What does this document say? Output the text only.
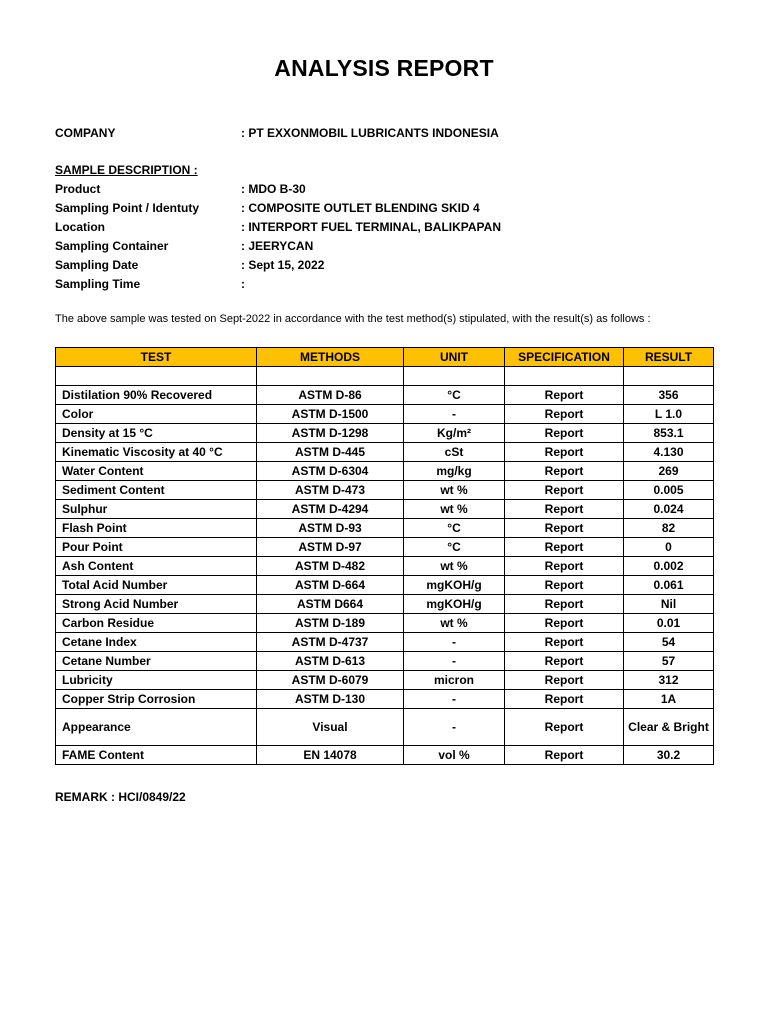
ANALYSIS REPORT
COMPANY	: PT EXXONMOBIL LUBRICANTS INDONESIA
SAMPLE DESCRIPTION :
Product	: MDO B-30
Sampling Point / Identuty	: COMPOSITE OUTLET BLENDING SKID 4
Location	: INTERPORT FUEL TERMINAL, BALIKPAPAN
Sampling Container	: JEERYCAN
Sampling Date	: Sept 15, 2022
Sampling Time	:
The above sample was tested on Sept-2022 in accordance with the test method(s) stipulated, with the result(s) as follows :
TEST	METHODS	UNIT	SPECIFICATION	RESULT

Distilation 90% Recovered	ASTM D-86	°C	Report	356
Color	ASTM D-1500	-	Report	L 1.0
Density at 15 °C	ASTM D-1298	Kg/m²	Report	853.1
Kinematic Viscosity at 40 °C	ASTM D-445	cSt	Report	4.130
Water Content	ASTM D-6304	mg/kg	Report	269
Sediment Content	ASTM D-473	wt %	Report	0.005
Sulphur	ASTM D-4294	wt %	Report	0.024
Flash Point	ASTM D-93	°C	Report	82
Pour Point	ASTM D-97	°C	Report	0
Ash Content	ASTM D-482	wt %	Report	0.002
Total Acid Number	ASTM D-664	mgKOH/g	Report	0.061
Strong Acid Number	ASTM D664	mgKOH/g	Report	Nil
Carbon Residue	ASTM D-189	wt %	Report	0.01
Cetane Index	ASTM D-4737	-	Report	54
Cetane Number	ASTM D-613	-	Report	57
Lubricity	ASTM D-6079	micron	Report	312
Copper Strip Corrosion	ASTM D-130	-	Report	1A
Appearance	Visual	-	Report	Clear & Bright
FAME Content	EN 14078	vol %	Report	30.2
REMARK : HCI/0849/22
